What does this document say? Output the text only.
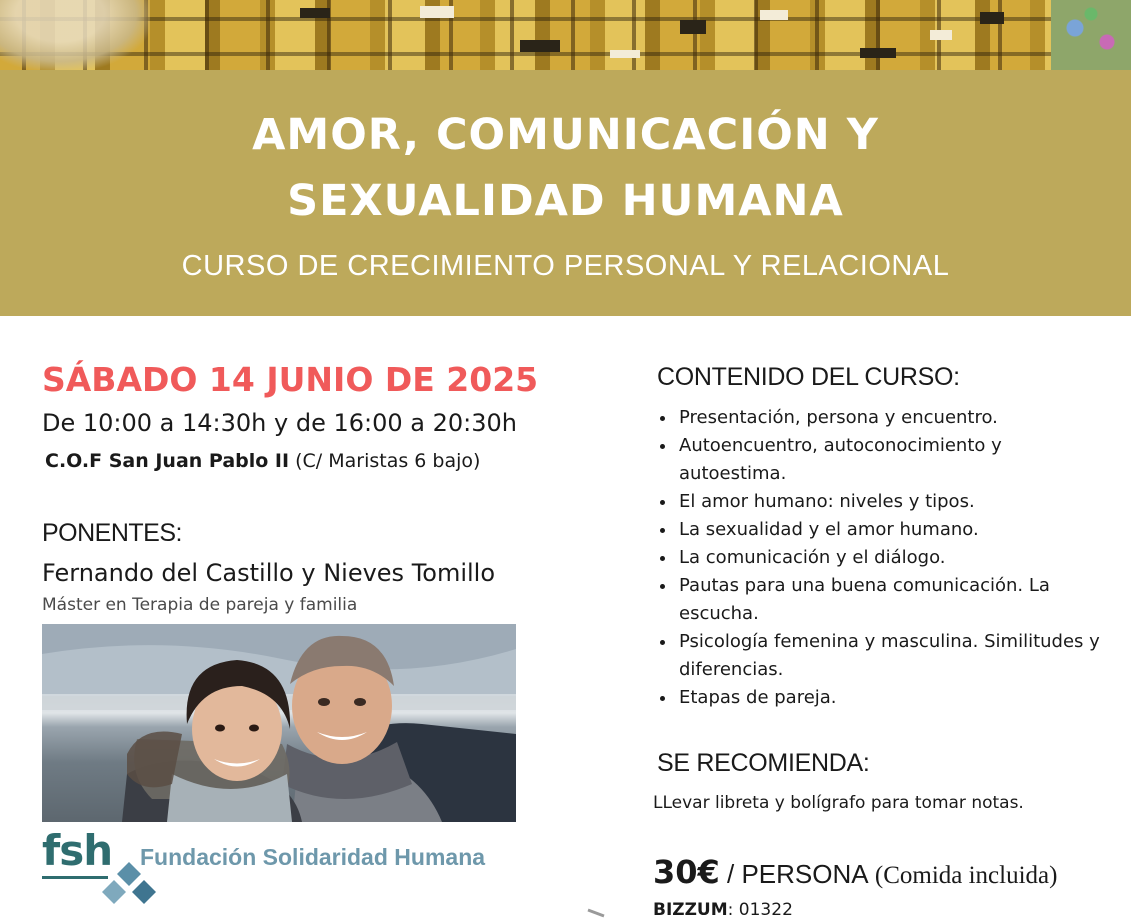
AMOR, COMUNICACIÓN Y
SEXUALIDAD HUMANA
CURSO DE CRECIMIENTO PERSONAL Y RELACIONAL
SÁBADO 14 JUNIO DE 2025
De 10:00 a 14:30h y de 16:00 a 20:30h
C.O.F San Juan Pablo II (C/ Maristas 6 bajo)
PONENTES:
Fernando del Castillo y Nieves Tomillo
Máster en Terapia de pareja y familia
fsh Fundación Solidaridad Humana
CONTENIDO DEL CURSO:
• Presentación, persona y encuentro.
• Autoencuentro, autoconocimiento y autoestima.
• El amor humano: niveles y tipos.
• La sexualidad y el amor humano.
• La comunicación y el diálogo.
• Pautas para una buena comunicación. La escucha.
• Psicología femenina y masculina. Similitudes y diferencias.
• Etapas de pareja.
SE RECOMIENDA:
LLevar libreta y bolígrafo para tomar notas.
30€ / PERSONA (Comida incluida)
BIZZUM: 01322
